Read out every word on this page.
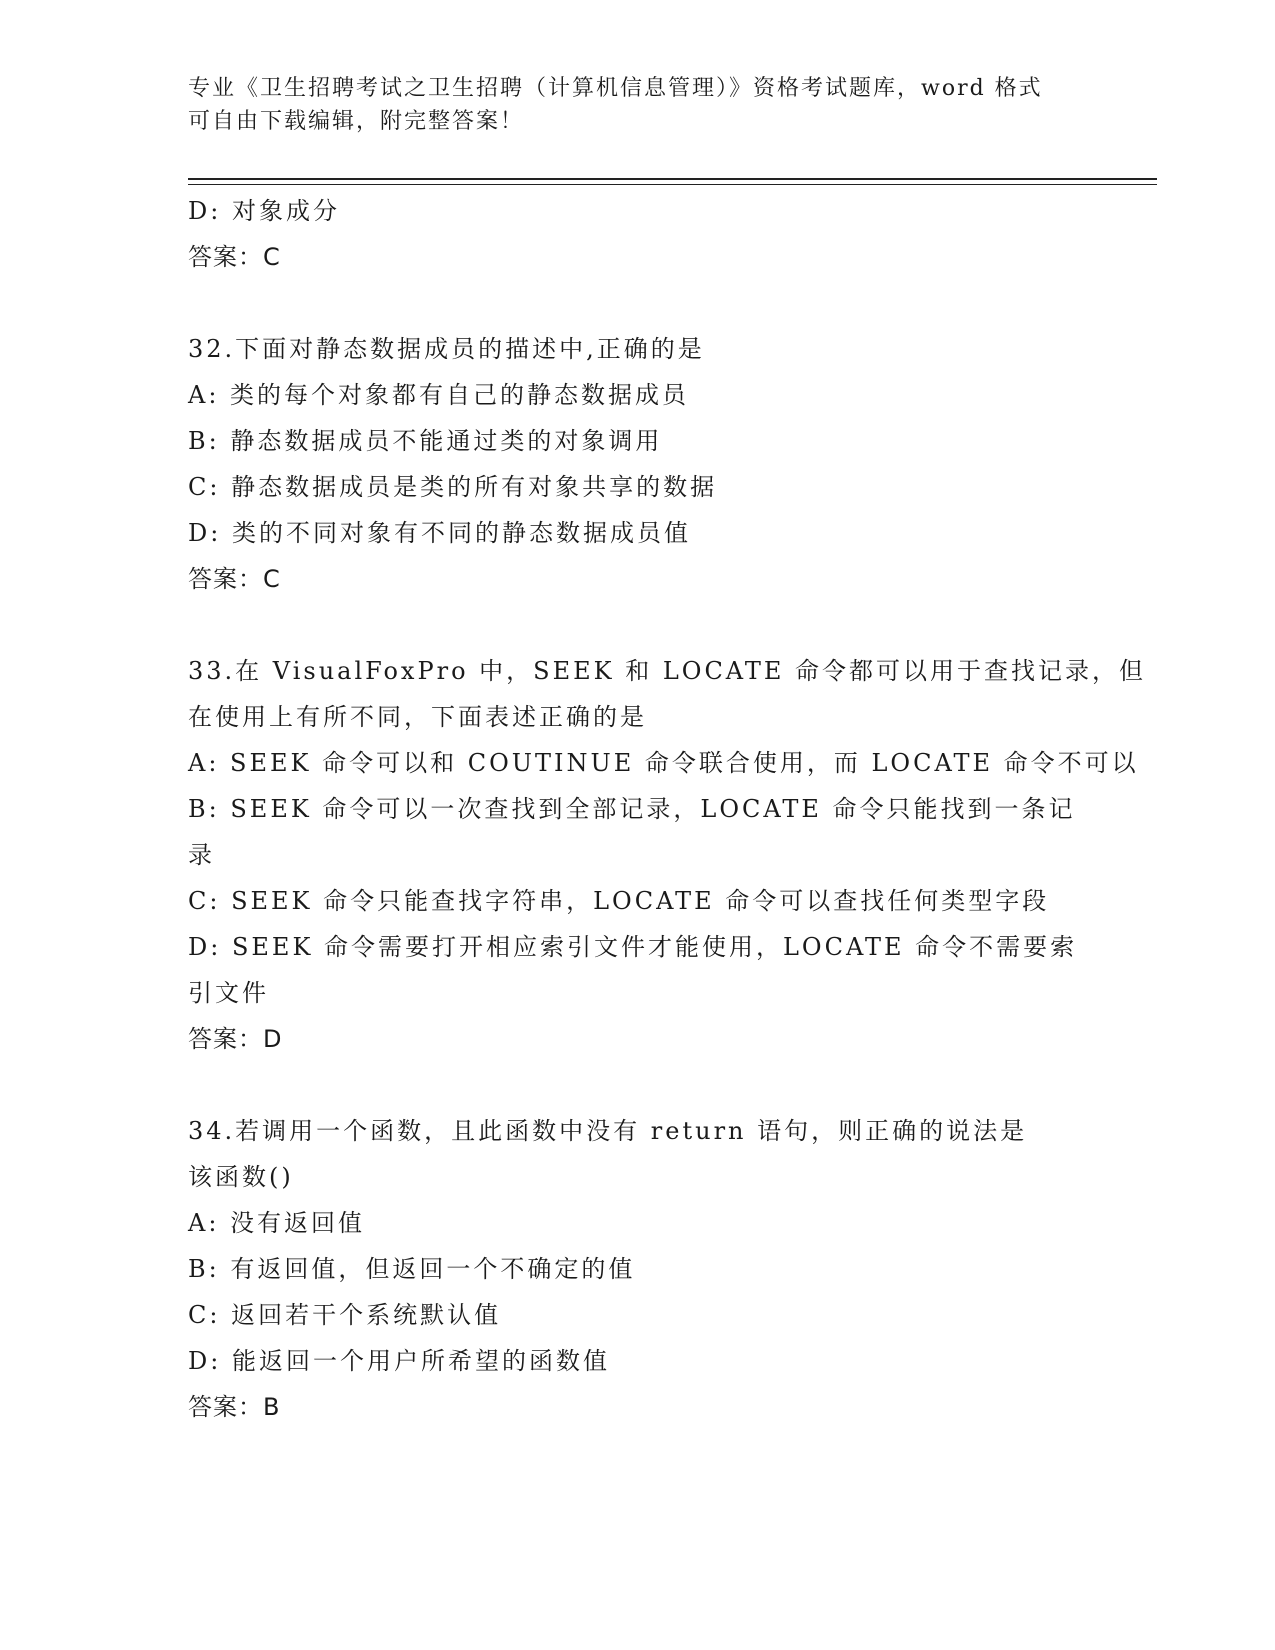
专业《卫生招聘考试之卫生招聘（计算机信息管理）》资格考试题库，word 格式
可自由下载编辑，附完整答案！
D: 对象成分
答案：C
32.下面对静态数据成员的描述中,正确的是
A: 类的每个对象都有自己的静态数据成员
B: 静态数据成员不能通过类的对象调用
C: 静态数据成员是类的所有对象共享的数据
D: 类的不同对象有不同的静态数据成员值
答案：C
33.在 VisualFoxPro 中，SEEK 和 LOCATE 命令都可以用于查找记录，但
在使用上有所不同，下面表述正确的是
A: SEEK 命令可以和 COUTINUE 命令联合使用，而 LOCATE 命令不可以
B: SEEK 命令可以一次查找到全部记录，LOCATE 命令只能找到一条记
录
C: SEEK 命令只能查找字符串，LOCATE 命令可以查找任何类型字段
D: SEEK 命令需要打开相应索引文件才能使用，LOCATE 命令不需要索
引文件
答案：D
34.若调用一个函数，且此函数中没有 return 语句，则正确的说法是
该函数()
A: 没有返回值
B: 有返回值，但返回一个不确定的值
C: 返回若干个系统默认值
D: 能返回一个用户所希望的函数值
答案：B
